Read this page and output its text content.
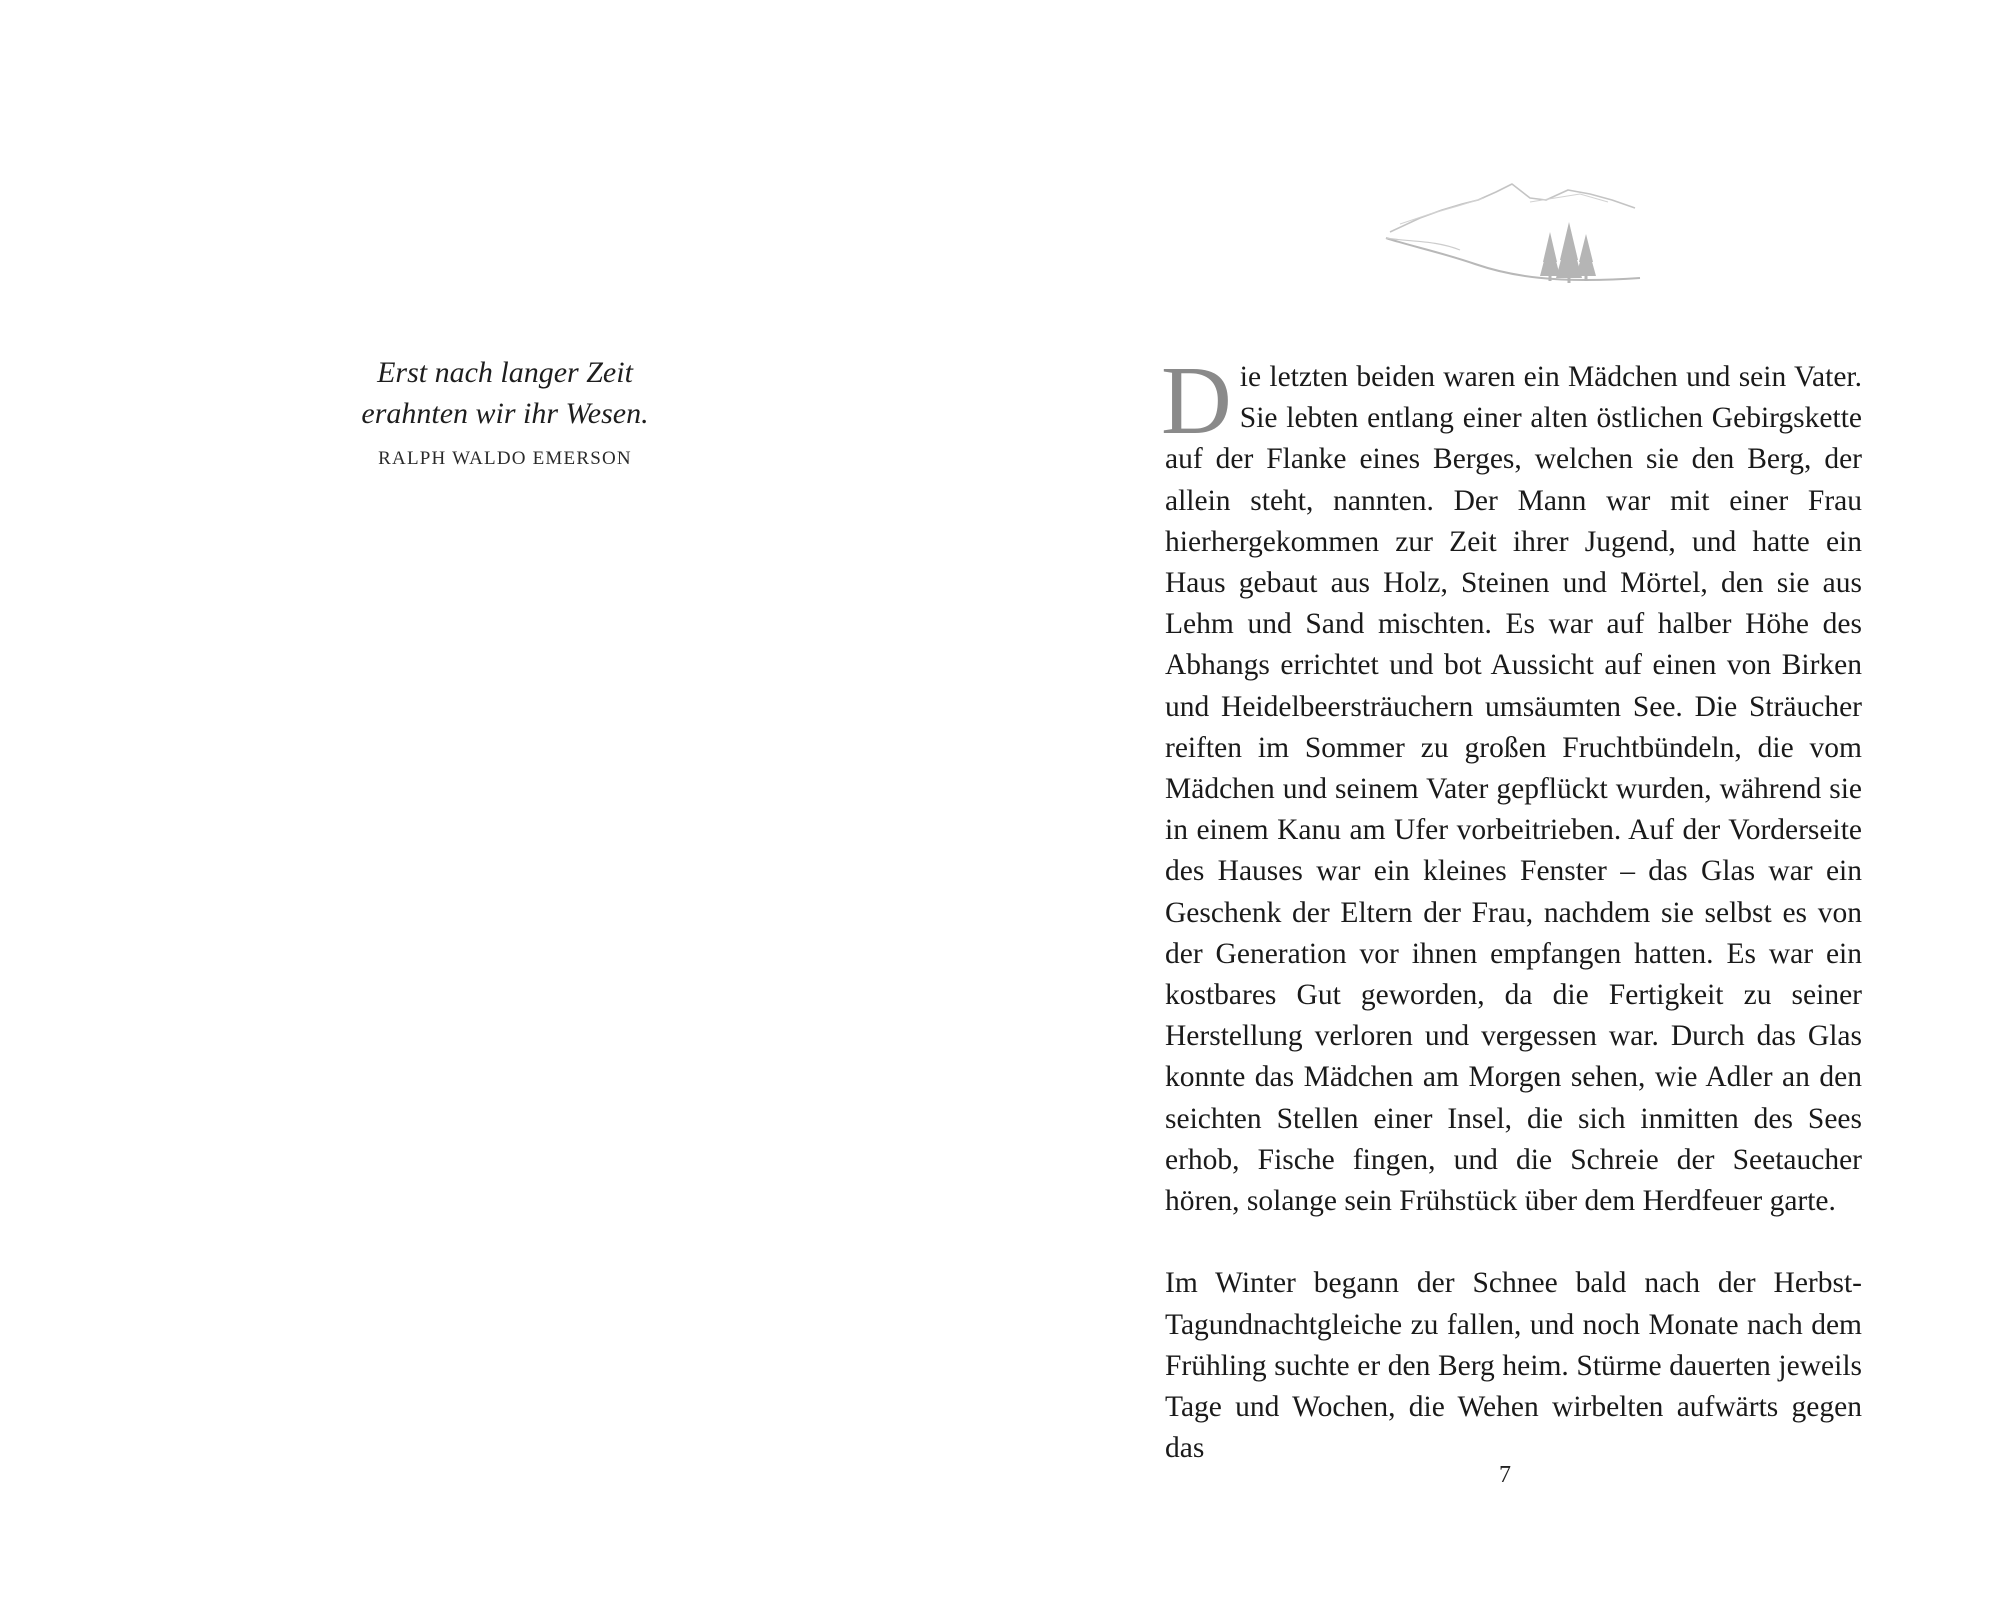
Erst nach langer Zeit
erahnten wir ihr Wesen.
RALPH WALDO EMERSON

Die letzten beiden waren ein Mädchen und sein Vater. Sie lebten entlang einer alten östlichen Gebirgskette auf der Flanke eines Berges, welchen sie den Berg, der allein steht, nannten. Der Mann war mit einer Frau hierhergekommen zur Zeit ihrer Jugend, und hatte ein Haus gebaut aus Holz, Steinen und Mörtel, den sie aus Lehm und Sand mischten. Es war auf halber Höhe des Abhangs errichtet und bot Aussicht auf einen von Birken und Heidelbeersträuchern umsäumten See. Die Sträucher reiften im Sommer zu großen Fruchtbündeln, die vom Mädchen und seinem Vater gepflückt wurden, während sie in einem Kanu am Ufer vorbeitrieben. Auf der Vorderseite des Hauses war ein kleines Fenster – das Glas war ein Geschenk der Eltern der Frau, nachdem sie selbst es von der Generation vor ihnen empfangen hatten. Es war ein kostbares Gut geworden, da die Fertigkeit zu seiner Herstellung verloren und vergessen war. Durch das Glas konnte das Mädchen am Morgen sehen, wie Adler an den seichten Stellen einer Insel, die sich inmitten des Sees erhob, Fische fingen, und die Schreie der Seetaucher hören, solange sein Frühstück über dem Herdfeuer garte.

Im Winter begann der Schnee bald nach der Herbst-Tagundnachtgleiche zu fallen, und noch Monate nach dem Frühling suchte er den Berg heim. Stürme dauerten jeweils Tage und Wochen, die Wehen wirbelten aufwärts gegen das

7
